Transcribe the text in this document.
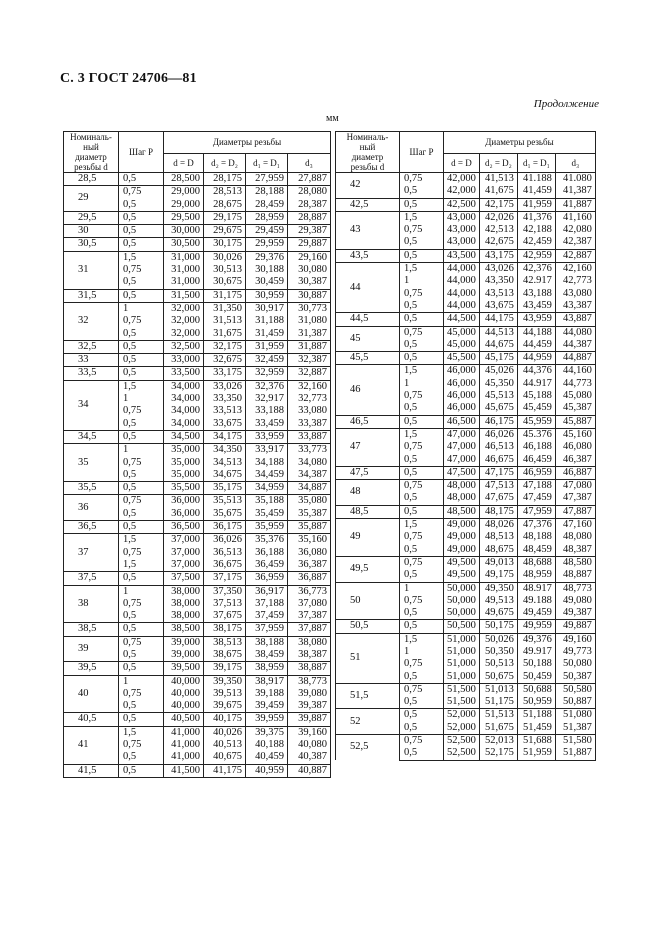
С. 3 ГОСТ 24706—81
Продолжение
мм
Номиналь-
ный
диаметр
резьбы d	Шаг P	Диаметры резьбы			
		d = D	d₂ = D₂	d₁ = D₁	d₃
28,5	0,5	28,500	28,175	27,959	27,887
29	0,75	29,000	28,513	28,188	28,080
	0,5	29,000	28,675	28,459	28,387
29,5	0,5	29,500	29,175	28,959	28,887
30	0,5	30,000	29,675	29,459	29,387
30,5	0,5	30,500	30,175	29,959	29,887
31	1,5	31,000	30,026	29,376	29,160
	0,75	31,000	30,513	30,188	30,080
	0,5	31,000	30,675	30,459	30,387
31,5	0,5	31,500	31,175	30,959	30,887
32	1	32,000	31,350	30,917	30,773
	0,75	32,000	31,513	31,188	31,080
	0,5	32,000	31,675	31,459	31,387
32,5	0,5	32,500	32,175	31,959	31,887
33	0,5	33,000	32,675	32,459	32,387
33,5	0,5	33,500	33,175	32,959	32,887
34	1,5	34,000	33,026	32,376	32,160
	1	34,000	33,350	32,917	32,773
	0,75	34,000	33,513	33,188	33,080
	0,5	34,000	33,675	33,459	33,387
34,5	0,5	34,500	34,175	33,959	33,887
35	1	35,000	34,350	33,917	33,773
	0,75	35,000	34,513	34,188	34,080
	0,5	35,000	34,675	34,459	34,387
35,5	0,5	35,500	35,175	34,959	34,887
36	0,75	36,000	35,513	35,188	35,080
	0,5	36,000	35,675	35,459	35,387
36,5	0,5	36,500	36,175	35,959	35,887
37	1,5	37,000	36,026	35,376	35,160
	0,75	37,000	36,513	36,188	36,080
	1,5	37,000	36,675	36,459	36,387
37,5	0,5	37,500	37,175	36,959	36,887
38	1	38,000	37,350	36,917	36,773
	0,75	38,000	37,513	37,188	37,080
	0,5	38,000	37,675	37,459	37,387
38,5	0,5	38,500	38,175	37,959	37,887
39	0,75	39,000	38,513	38,188	38,080
	0,5	39,000	38,675	38,459	38,387
39,5	0,5	39,500	39,175	38,959	38,887
40	1	40,000	39,350	38,917	38,773
	0,75	40,000	39,513	39,188	39,080
	0,5	40,000	39,675	39,459	39,387
40,5	0,5	40,500	40,175	39,959	39,887
41	1,5	41,000	40,026	39,375	39,160
	0,75	41,000	40,513	40,188	40,080
	0,5	41,000	40,675	40,459	40,387
41,5	0,5	41,500	41,175	40,959	40,887
Номиналь-
ный
диаметр
резьбы d	Шаг P	Диаметры резьбы			
		d = D	d₂ = D₂	d₁ = D₁	d₃
42	0,75	42,000	41,513	41.188	41.080
	0,5	42,000	41,675	41,459	41,387
42,5	0,5	42,500	42,175	41,959	41,887
43	1,5	43,000	42,026	41,376	41,160
	0,75	43,000	42,513	42,188	42,080
	0,5	43,000	42,675	42,459	42,387
43,5	0,5	43,500	43,175	42,959	42,887
44	1,5	44,000	43,026	42,376	42,160
	1	44,000	43,350	42.917	42,773
	0,75	44,000	43,513	43,188	43,080
	0,5	44,000	43,675	43,459	43,387
44,5	0,5	44,500	44,175	43,959	43,887
45	0,75	45,000	44,513	44,188	44,080
	0,5	45,000	44,675	44,459	44,387
45,5	0,5	45,500	45,175	44,959	44,887
46	1,5	46,000	45,026	44,376	44,160
	1	46,000	45,350	44.917	44,773
	0,75	46,000	45,513	45,188	45,080
	0,5	46,000	45,675	45,459	45,387
46,5	0,5	46,500	46,175	45,959	45,887
47	1,5	47,000	46,026	45.376	45,160
	0,75	47,000	46,513	46,188	46,080
	0,5	47,000	46,675	46,459	46,387
47,5	0,5	47,500	47,175	46,959	46,887
48	0,75	48,000	47,513	47,188	47,080
	0,5	48,000	47,675	47,459	47,387
48,5	0,5	48,500	48,175	47,959	47,887
49	1,5	49,000	48,026	47,376	47,160
	0,75	49,000	48,513	48,188	48,080
	0,5	49,000	48,675	48,459	48,387
49,5	0,75	49,500	49,013	48,688	48,580
	0,5	49,500	49,175	48,959	48,887
50	1	50,000	49,350	48.917	48,773
	0,75	50,000	49,513	49.188	49,080
	0,5	50,000	49,675	49,459	49,387
50,5	0,5	50,500	50,175	49,959	49,887
51	1,5	51,000	50,026	49,376	49,160
	1	51,000	50,350	49.917	49,773
	0,75	51,000	50,513	50,188	50,080
	0,5	51,000	50,675	50,459	50,387
51,5	0,75	51,500	51,013	50,688	50,580
	0,5	51,500	51,175	50,959	50,887
52	0,5	52,000	51,513	51,188	51,080
	0,5	52,000	51,675	51,459	51,387
52,5	0,75	52,500	52,013	51,688	51,580
	0,5	52,500	52,175	51,959	51,887
